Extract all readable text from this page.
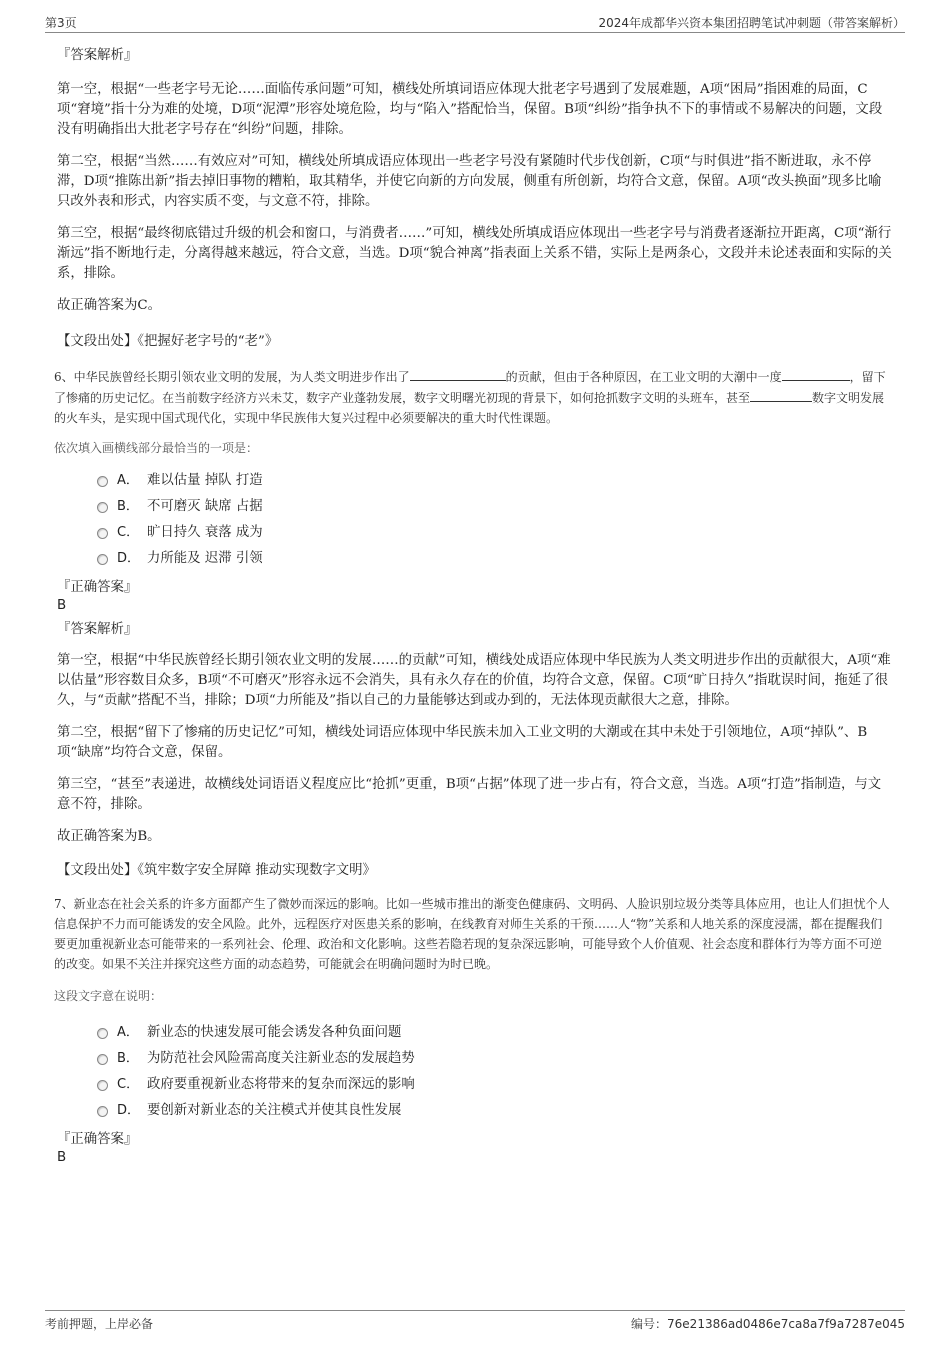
第3页	2024年成都华兴资本集团招聘笔试冲刺题（带答案解析）
『答案解析』

第一空，根据“一些老字号无论……面临传承问题”可知，横线处所填词语应体现大批老字号遇到了发展难题，A项“困局”指困难的局面，C项“窘境”指十分为难的处境，D项“泥潭”形容处境危险，均与“陷入”搭配恰当，保留。B项“纠纷”指争执不下的事情或不易解决的问题，文段没有明确指出大批老字号存在“纠纷”问题，排除。

第二空，根据“当然……有效应对”可知，横线处所填成语应体现出一些老字号没有紧随时代步伐创新，C项“与时俱进”指不断进取，永不停滞，D项“推陈出新”指去掉旧事物的糟粕，取其精华，并使它向新的方向发展，侧重有所创新，均符合文意，保留。A项“改头换面”现多比喻只改外表和形式，内容实质不变，与文意不符，排除。

第三空，根据“最终彻底错过升级的机会和窗口，与消费者……”可知，横线处所填成语应体现出一些老字号与消费者逐渐拉开距离，C项“渐行渐远”指不断地行走，分离得越来越远，符合文意，当选。D项“貌合神离”指表面上关系不错，实际上是两条心，文段并未论述表面和实际的关系，排除。

故正确答案为C。

【文段出处】《把握好老字号的“老”》

6、中华民族曾经长期引领农业文明的发展，为人类文明进步作出了	的贡献，但由于各种原因，在工业文明的大潮中一度	，留下了惨痛的历史记忆。在当前数字经济方兴未艾，数字产业蓬勃发展，数字文明曙光初现的背景下，如何抢抓数字文明的头班车，甚至	数字文明发展的火车头，是实现中国式现代化，实现中华民族伟大复兴过程中必须要解决的重大时代性课题。
依次填入画横线部分最恰当的一项是：
A． 难以估量 掉队 打造
B． 不可磨灭 缺席 占据
C． 旷日持久 衰落 成为
D． 力所能及 迟滞 引领
『正确答案』
B
『答案解析』

第一空，根据“中华民族曾经长期引领农业文明的发展……的贡献”可知，横线处成语应体现中华民族为人类文明进步作出的贡献很大，A项“难以估量”形容数目众多，B项“不可磨灭”形容永远不会消失，具有永久存在的价值，均符合文意，保留。C项“旷日持久”指耽误时间，拖延了很久，与“贡献”搭配不当，排除；D项“力所能及”指以自己的力量能够达到或办到的，无法体现贡献很大之意，排除。

第二空，根据“留下了惨痛的历史记忆”可知，横线处词语应体现中华民族未加入工业文明的大潮或在其中未处于引领地位，A项“掉队”、B项“缺席”均符合文意，保留。

第三空，“甚至”表递进，故横线处词语语义程度应比“抢抓”更重，B项“占据”体现了进一步占有，符合文意，当选。A项“打造”指制造，与文意不符，排除。

故正确答案为B。

【文段出处】《筑牢数字安全屏障 推动实现数字文明》

7、新业态在社会关系的许多方面都产生了微妙而深远的影响。比如一些城市推出的渐变色健康码、文明码、人脸识别垃圾分类等具体应用，也让人们担忧个人信息保护不力而可能诱发的安全风险。此外，远程医疗对医患关系的影响，在线教育对师生关系的干预……人“物”关系和人地关系的深度浸濡，都在提醒我们要更加重视新业态可能带来的一系列社会、伦理、政治和文化影响。这些若隐若现的复杂深远影响，可能导致个人价值观、社会态度和群体行为等方面不可逆的改变。如果不关注并探究这些方面的动态趋势，可能就会在明确问题时为时已晚。
这段文字意在说明：
A． 新业态的快速发展可能会诱发各种负面问题
B． 为防范社会风险需高度关注新业态的发展趋势
C． 政府要重视新业态将带来的复杂而深远的影响
D． 要创新对新业态的关注模式并使其良性发展
『正确答案』
B
考前押题，上岸必备	编号：76e21386ad0486e7ca8a7f9a7287e045
